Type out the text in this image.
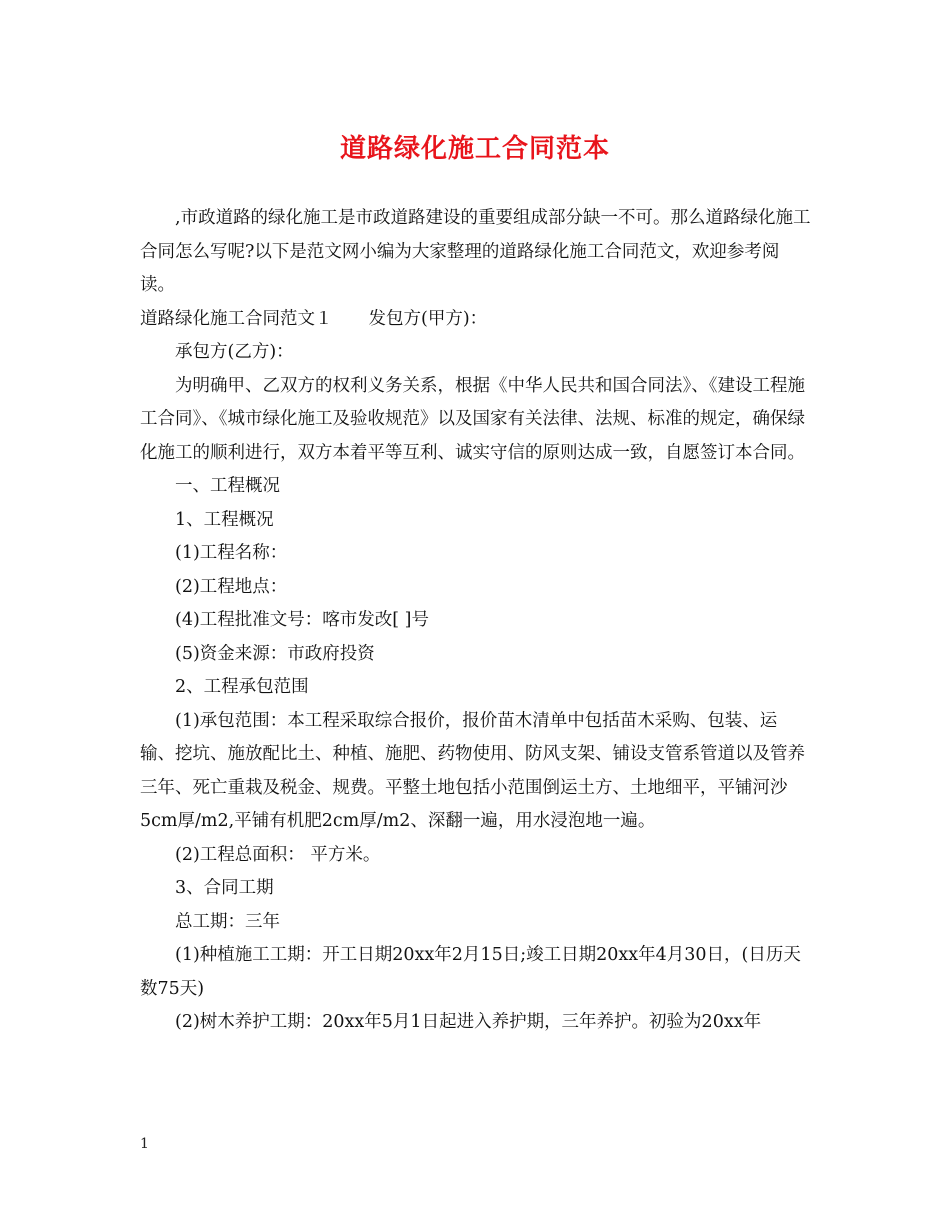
道路绿化施工合同范本

,市政道路的绿化施工是市政道路建设的重要组成部分缺一不可。那么道路绿化施工合同怎么写呢?以下是范文网小编为大家整理的道路绿化施工合同范文，欢迎参考阅读。

道路绿化施工合同范文１ 发包方(甲方)：

承包方(乙方)：

为明确甲、乙双方的权利义务关系，根据《中华人民共和国合同法》、《建设工程施工合同》、《城市绿化施工及验收规范》以及国家有关法律、法规、标准的规定，确保绿化施工的顺利进行，双方本着平等互利、诚实守信的原则达成一致，自愿签订本合同。

一、工程概况

1、工程概况

(1)工程名称：

(2)工程地点：

(4)工程批准文号：喀市发改[ ]号

(5)资金来源：市政府投资

2、工程承包范围

(1)承包范围：本工程采取综合报价，报价苗木清单中包括苗木采购、包装、运输、挖坑、施放配比土、种植、施肥、药物使用、防风支架、铺设支管系管道以及管养三年、死亡重栽及税金、规费。平整土地包括小范围倒运土方、土地细平，平铺河沙5cm厚/m2,平铺有机肥2cm厚/m2、深翻一遍，用水浸泡地一遍。

(2)工程总面积： 平方米。

3、合同工期

总工期：三年

(1)种植施工工期：开工日期20xx年2月15日;竣工日期20xx年4月30日，(日历天数75天)

(2)树木养护工期：20xx年5月1日起进入养护期，三年养护。初验为20xx年

1
